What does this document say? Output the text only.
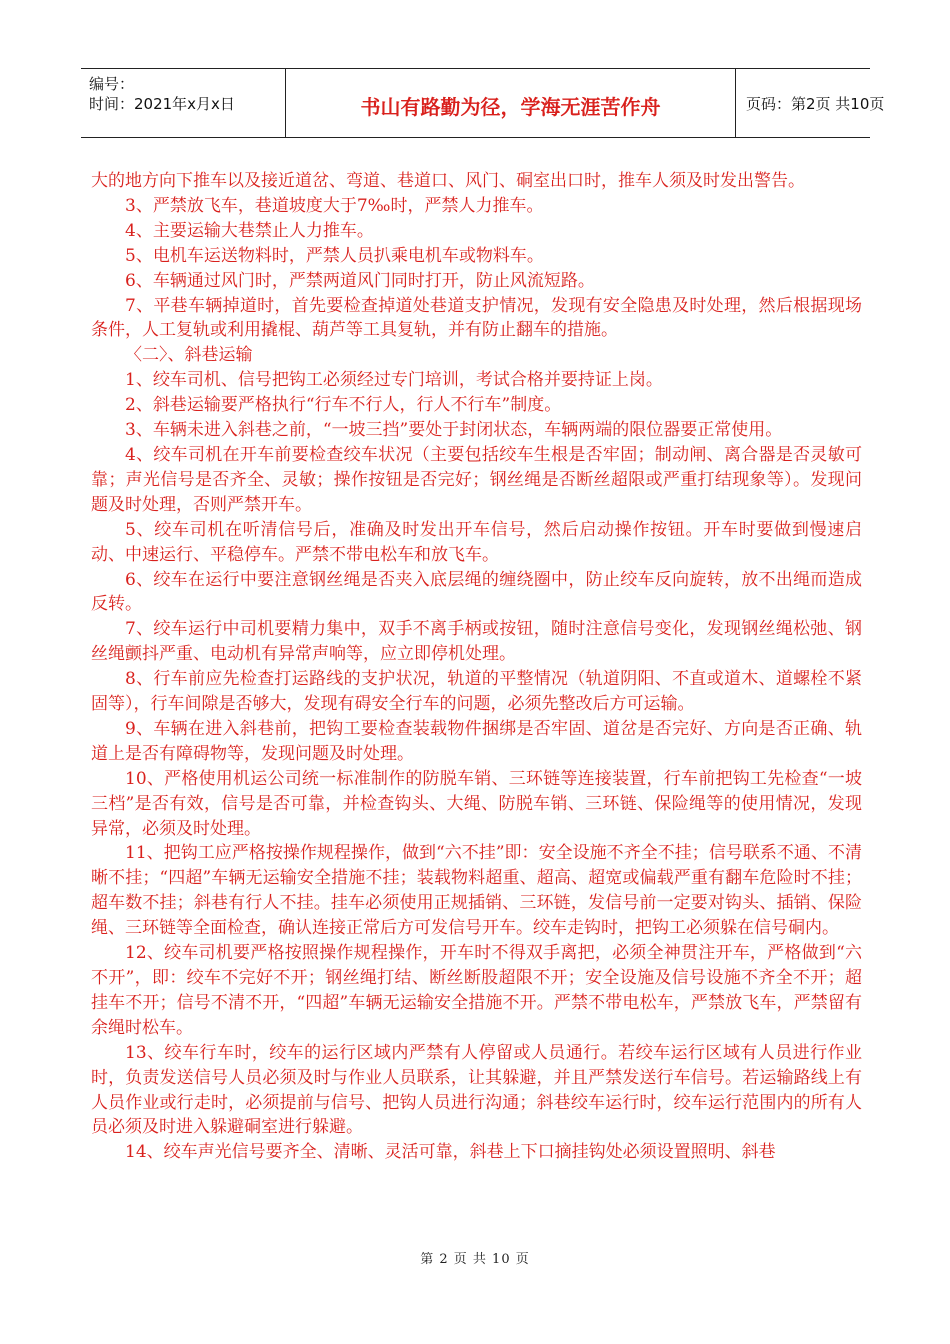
编号：
时间：2021年x月x日	书山有路勤为径，学海无涯苦作舟	页码：第2页 共10页

大的地方向下推车以及接近道岔、弯道、巷道口、风门、硐室出口时，推车人须及时发出警告。

3、严禁放飞车，巷道坡度大于7‰时，严禁人力推车。

4、主要运输大巷禁止人力推车。

5、电机车运送物料时，严禁人员扒乘电机车或物料车。

6、车辆通过风门时，严禁两道风门同时打开，防止风流短路。

7、平巷车辆掉道时，首先要检查掉道处巷道支护情况，发现有安全隐患及时处理，然后根据现场条件，人工复轨或利用撬棍、葫芦等工具复轨，并有防止翻车的措施。

〈二〉、斜巷运输

1、绞车司机、信号把钩工必须经过专门培训，考试合格并要持证上岗。

2、斜巷运输要严格执行“行车不行人，行人不行车”制度。

3、车辆未进入斜巷之前，“一坡三挡”要处于封闭状态，车辆两端的限位器要正常使用。

4、绞车司机在开车前要检查绞车状况（主要包括绞车生根是否牢固；制动闸、离合器是否灵敏可靠；声光信号是否齐全、灵敏；操作按钮是否完好；钢丝绳是否断丝超限或严重打结现象等）。发现问题及时处理，否则严禁开车。

5、绞车司机在听清信号后，准确及时发出开车信号，然后启动操作按钮。开车时要做到慢速启动、中速运行、平稳停车。严禁不带电松车和放飞车。

6、绞车在运行中要注意钢丝绳是否夹入底层绳的缠绕圈中，防止绞车反向旋转，放不出绳而造成反转。

7、绞车运行中司机要精力集中，双手不离手柄或按钮，随时注意信号变化，发现钢丝绳松弛、钢丝绳颤抖严重、电动机有异常声响等，应立即停机处理。

8、行车前应先检查打运路线的支护状况，轨道的平整情况（轨道阴阳、不直或道木、道螺栓不紧固等），行车间隙是否够大，发现有碍安全行车的问题，必须先整改后方可运输。

9、车辆在进入斜巷前，把钩工要检查装载物件捆绑是否牢固、道岔是否完好、方向是否正确、轨道上是否有障碍物等，发现问题及时处理。

10、严格使用机运公司统一标准制作的防脱车销、三环链等连接装置，行车前把钩工先检查“一坡三档”是否有效，信号是否可靠，并检查钩头、大绳、防脱车销、三环链、保险绳等的使用情况，发现异常，必须及时处理。

11、把钩工应严格按操作规程操作，做到“六不挂”即：安全设施不齐全不挂；信号联系不通、不清晰不挂；“四超”车辆无运输安全措施不挂；装载物料超重、超高、超宽或偏载严重有翻车危险时不挂；超车数不挂；斜巷有行人不挂。挂车必须使用正规插销、三环链，发信号前一定要对钩头、插销、保险绳、三环链等全面检查，确认连接正常后方可发信号开车。绞车走钩时，把钩工必须躲在信号硐内。

12、绞车司机要严格按照操作规程操作，开车时不得双手离把，必须全神贯注开车，严格做到“六不开”，即：绞车不完好不开；钢丝绳打结、断丝断股超限不开；安全设施及信号设施不齐全不开；超挂车不开；信号不清不开，“四超”车辆无运输安全措施不开。严禁不带电松车，严禁放飞车，严禁留有余绳时松车。

13、绞车行车时，绞车的运行区域内严禁有人停留或人员通行。若绞车运行区域有人员进行作业时，负责发送信号人员必须及时与作业人员联系，让其躲避，并且严禁发送行车信号。若运输路线上有人员作业或行走时，必须提前与信号、把钩人员进行沟通；斜巷绞车运行时，绞车运行范围内的所有人员必须及时进入躲避硐室进行躲避。

14、绞车声光信号要齐全、清晰、灵活可靠，斜巷上下口摘挂钩处必须设置照明、斜巷

第 2 页 共 10 页
